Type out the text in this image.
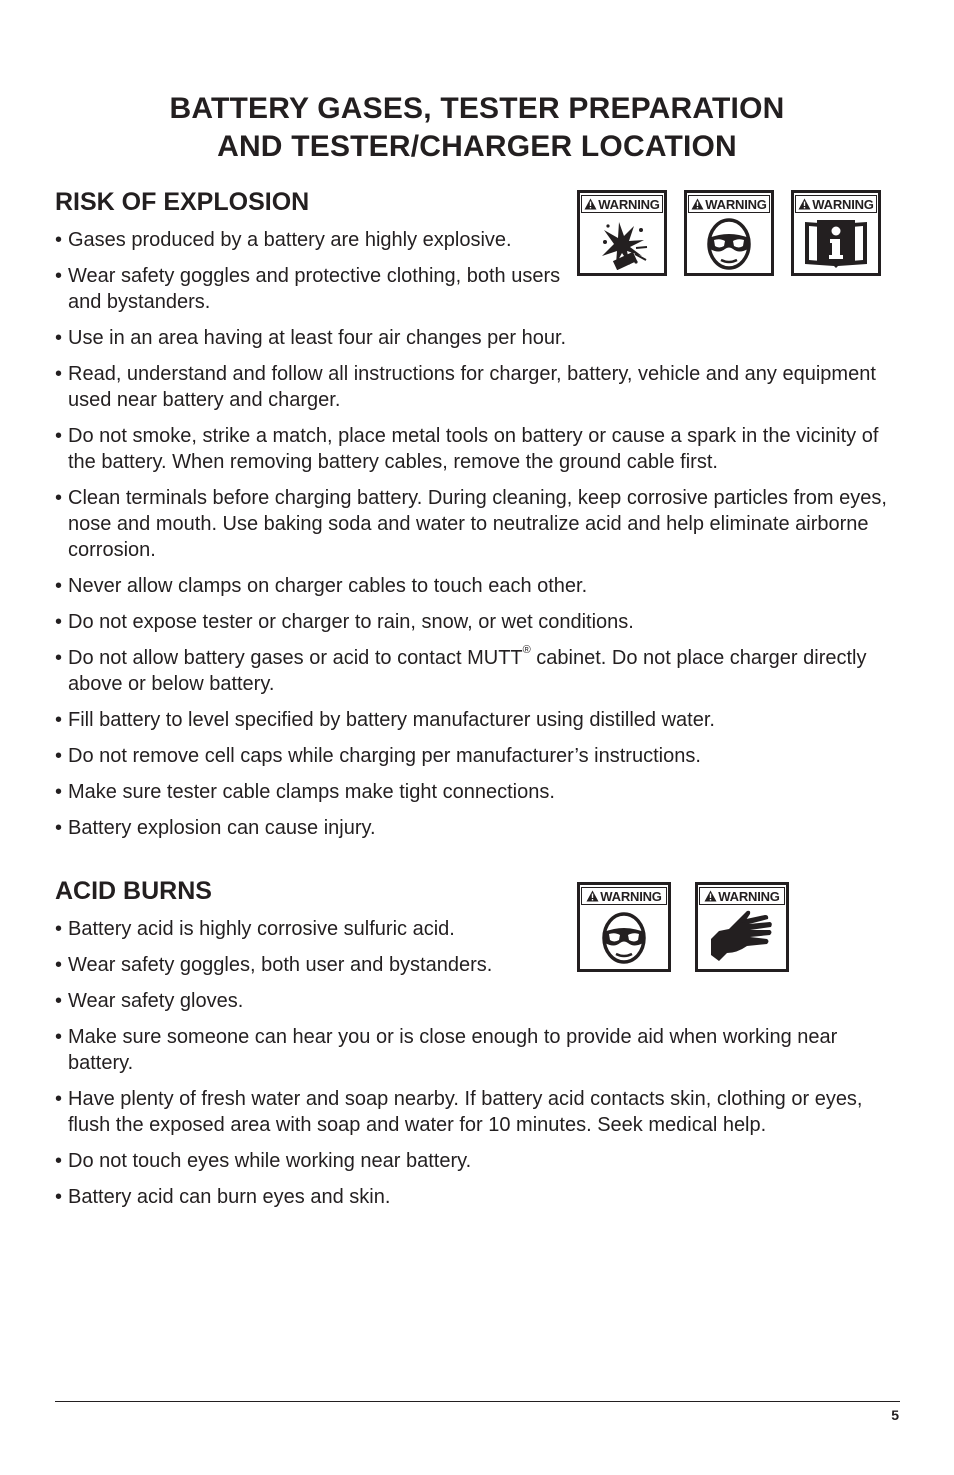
BATTERY GASES, TESTER PREPARATION
AND TESTER/CHARGER LOCATION
RISK OF EXPLOSION	WARNING	WARNING	WARNING
• Gases produced by a battery are highly explosive.
• Wear safety goggles and protective clothing, both users and bystanders.
• Use in an area having at least four air changes per hour.
• Read, understand and follow all instructions for charger, battery, vehicle and any equipment used near battery and charger.
• Do not smoke, strike a match, place metal tools on battery or cause a spark in the vicinity of the battery. When removing battery cables, remove the ground cable first.
• Clean terminals before charging battery. During cleaning, keep corrosive particles from eyes, nose and mouth. Use baking soda and water to neutralize acid and help eliminate airborne corrosion.
• Never allow clamps on charger cables to touch each other.
• Do not expose tester or charger to rain, snow, or wet conditions.
• Do not allow battery gases or acid to contact MUTT® cabinet. Do not place charger directly above or below battery.
• Fill battery to level specified by battery manufacturer using distilled water.
• Do not remove cell caps while charging per manufacturer’s instructions.
• Make sure tester cable clamps make tight connections.
• Battery explosion can cause injury.
ACID BURNS	WARNING	WARNING
• Battery acid is highly corrosive sulfuric acid.
• Wear safety goggles, both user and bystanders.
• Wear safety gloves.
• Make sure someone can hear you or is close enough to provide aid when working near battery.
• Have plenty of fresh water and soap nearby. If battery acid contacts skin, clothing or eyes, flush the exposed area with soap and water for 10 minutes. Seek medical help.
• Do not touch eyes while working near battery.
• Battery acid can burn eyes and skin.
5
